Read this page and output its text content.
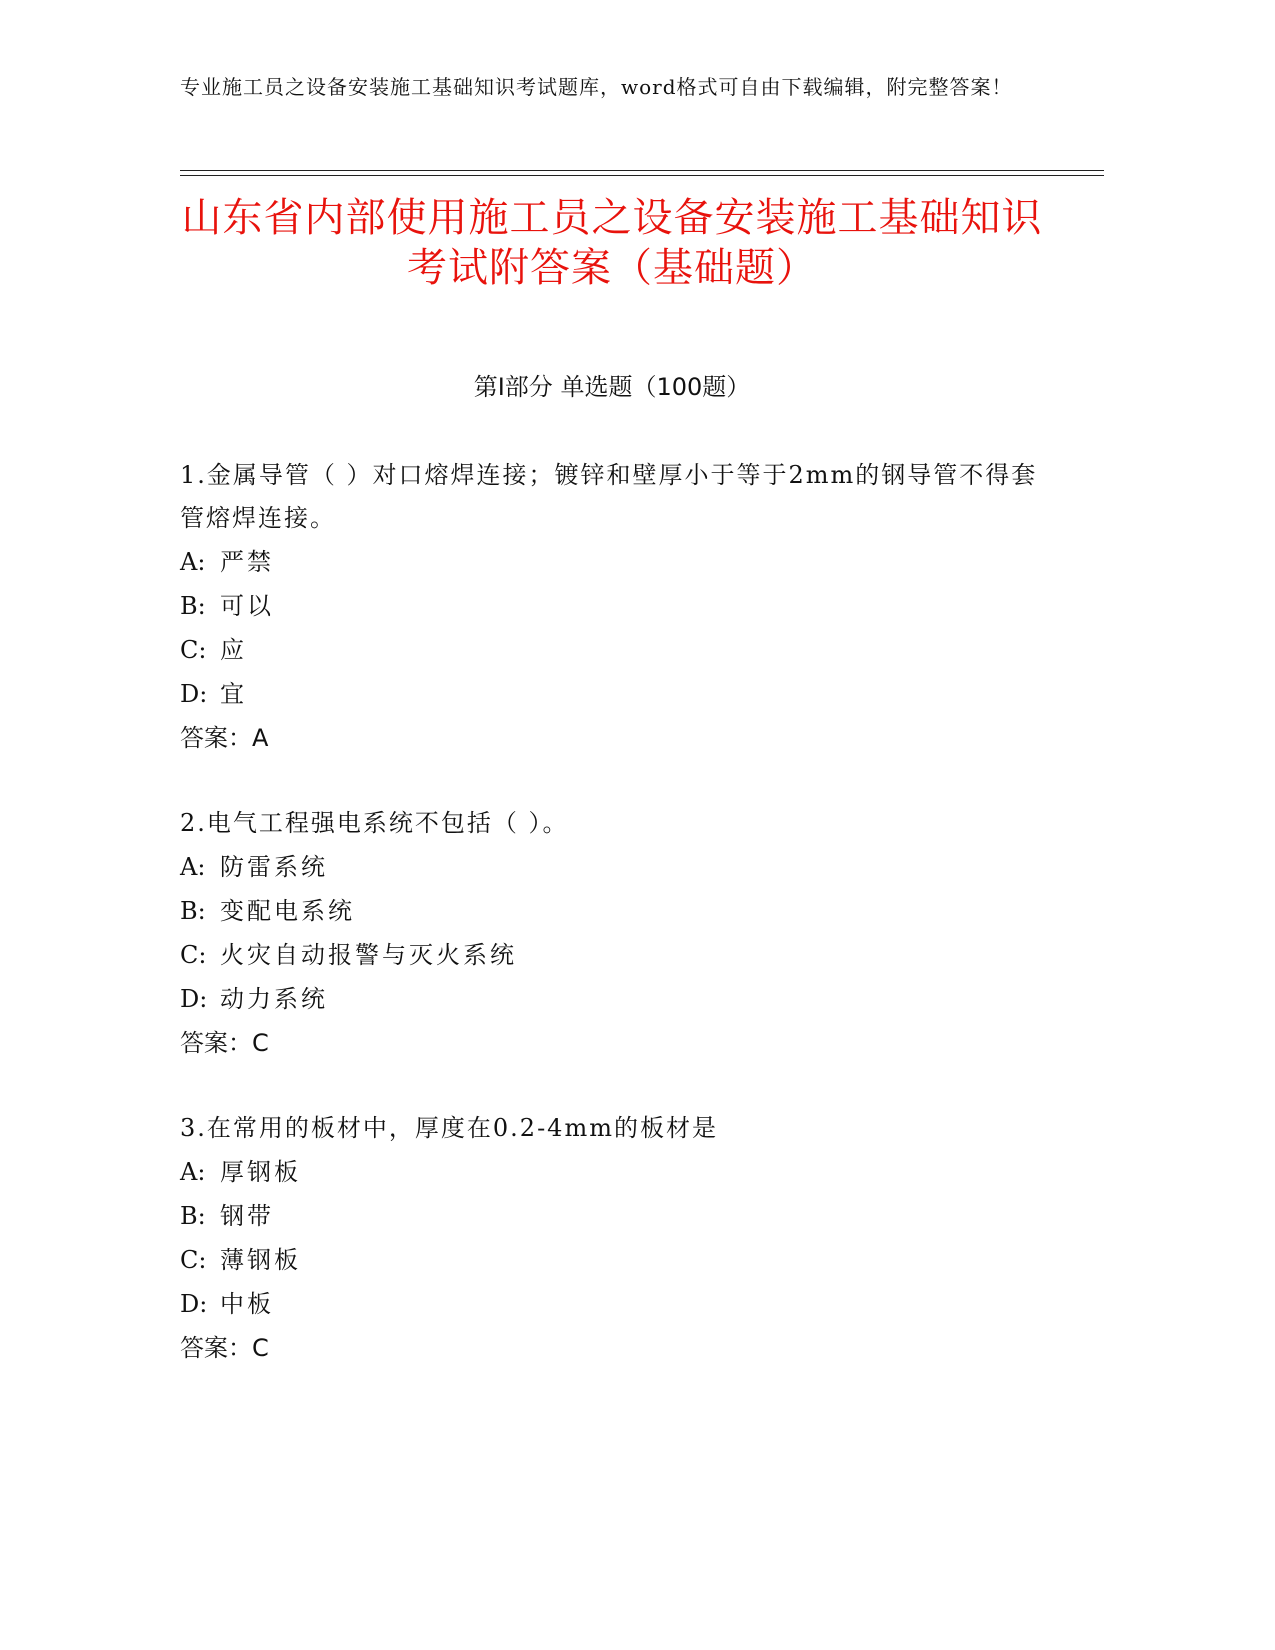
专业施工员之设备安装施工基础知识考试题库，word格式可自由下载编辑，附完整答案！
山东省内部使用施工员之设备安装施工基础知识考试附答案（基础题）
第Ⅰ部分 单选题（100题）

1.金属导管（ ）对口熔焊连接；镀锌和壁厚小于等于2mm的钢导管不得套管熔焊连接。

A: 严禁

B: 可以

C: 应

D: 宜

答案：A

2.电气工程强电系统不包括（ ）。

A: 防雷系统

B: 变配电系统

C: 火灾自动报警与灭火系统

D: 动力系统

答案：C

3.在常用的板材中，厚度在0.2-4mm的板材是

A: 厚钢板

B: 钢带

C: 薄钢板

D: 中板

答案：C
